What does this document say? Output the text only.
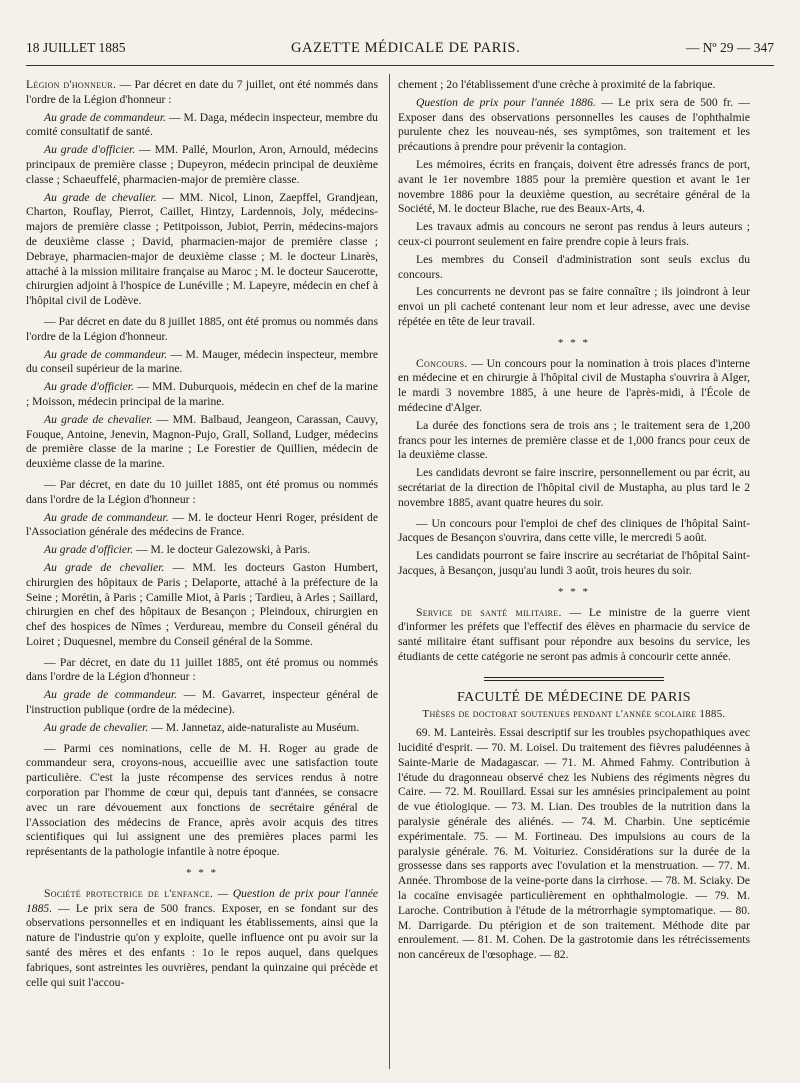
18 JUILLET 1885	GAZETTE MÉDICALE DE PARIS.	— Nº 29 — 347

Légion d'honneur. — Par décret en date du 7 juillet, ont été nommés dans l'ordre de la Légion d'honneur :

Au grade de commandeur. — M. Daga, médecin inspecteur, membre du comité consultatif de santé.

Au grade d'officier. — MM. Pallé, Mourlon, Aron, Arnould, médecins principaux de première classe ; Dupeyron, médecin principal de deuxième classe ; Schaeuffelé, pharmacien-major de première classe.

Au grade de chevalier. — MM. Nicol, Linon, Zaepffel, Grandjean, Charton, Rouflay, Pierrot, Caillet, Hintzy, Lardennois, Joly, médecins-majors de première classe ; Petitpoisson, Jubiot, Perrin, médecins-majors de deuxième classe ; David, pharmacien-major de première classe ; Debraye, pharmacien-major de deuxième classe ; M. le docteur Linarès, attaché à la mission militaire française au Maroc ; M. le docteur Saucerotte, chirurgien adjoint à l'hospice de Lunéville ; M. Lapeyre, médecin en chef à l'hôpital civil de Lodève.

— Par décret en date du 8 juillet 1885, ont été promus ou nommés dans l'ordre de la Légion d'honneur.

Au grade de commandeur. — M. Mauger, médecin inspecteur, membre du conseil supérieur de la marine.

Au grade d'officier. — MM. Duburquois, médecin en chef de la marine ; Moisson, médecin principal de la marine.

Au grade de chevalier. — MM. Balbaud, Jeangeon, Carassan, Cauvy, Fouque, Antoine, Jenevin, Magnon-Pujo, Grall, Solland, Ludger, médecins de première classe de la marine ; Le Forestier de Quillien, médecin de deuxième classe de la marine.

— Par décret, en date du 10 juillet 1885, ont été promus ou nommés dans l'ordre de la Légion d'honneur :

Au grade de commandeur. — M. le docteur Henri Roger, président de l'Association générale des médecins de France.

Au grade d'officier. — M. le docteur Galezowski, à Paris.

Au grade de chevalier. — MM. les docteurs Gaston Humbert, chirurgien des hôpitaux de Paris ; Delaporte, attaché à la préfecture de la Seine ; Morétin, à Paris ; Camille Miot, à Paris ; Tardieu, à Arles ; Saillard, chirurgien en chef des hôpitaux de Besançon ; Pleindoux, chirurgien en chef des hospices de Nîmes ; Verdureau, membre du Conseil général du Loiret ; Duquesnel, membre du Conseil général de la Somme.

— Par décret, en date du 11 juillet 1885, ont été promus ou nommés dans l'ordre de la Légion d'honneur :

Au grade de commandeur. — M. Gavarret, inspecteur général de l'instruction publique (ordre de la médecine).

Au grade de chevalier. — M. Jannetaz, aide-naturaliste au Muséum.

— Parmi ces nominations, celle de M. H. Roger au grade de commandeur sera, croyons-nous, accueillie avec une satisfaction toute particulière. C'est la juste récompense des services rendus à notre corporation par l'homme de cœur qui, depuis tant d'années, se consacre avec un rare dévouement aux fonctions de secrétaire général de l'Association des médecins de France, après avoir acquis des titres scientifiques qui lui assignent une des premières places parmi les représentants de la pathologie infantile à notre époque.

* * *

Société protectrice de l'enfance. — Question de prix pour l'année 1885. — Le prix sera de 500 francs. Exposer, en se fondant sur des observations personnelles et en indiquant les établissements, ainsi que la nature de l'industrie qu'on y exploite, quelle influence ont pu avoir sur la santé des mères et des enfants : 1o le repos auquel, dans quelques fabriques, sont astreintes les ouvrières, pendant la quinzaine qui précède et celle qui suit l'accou-

chement ; 2o l'établissement d'une crèche à proximité de la fabrique.

Question de prix pour l'année 1886. — Le prix sera de 500 fr. — Exposer dans des observations personnelles les causes de l'ophthalmie purulente chez les nouveau-nés, ses symptômes, son traitement et les précautions à prendre pour prévenir la contagion.

Les mémoires, écrits en français, doivent être adressés francs de port, avant le 1er novembre 1885 pour la première question et avant le 1er novembre 1886 pour la deuxième question, au secrétaire général de la Société, M. le docteur Blache, rue des Beaux-Arts, 4.

Les travaux admis au concours ne seront pas rendus à leurs auteurs ; ceux-ci pourront seulement en faire prendre copie à leurs frais.

Les membres du Conseil d'administration sont seuls exclus du concours.

Les concurrents ne devront pas se faire connaître ; ils joindront à leur envoi un pli cacheté contenant leur nom et leur adresse, avec une devise répétée en tête de leur travail.

* * *

Concours. — Un concours pour la nomination à trois places d'interne en médecine et en chirurgie à l'hôpital civil de Mustapha s'ouvrira à Alger, le mardi 3 novembre 1885, à une heure de l'après-midi, à l'École de médecine d'Alger.

La durée des fonctions sera de trois ans ; le traitement sera de 1,200 francs pour les internes de première classe et de 1,000 francs pour ceux de la deuxième classe.

Les candidats devront se faire inscrire, personnellement ou par écrit, au secrétariat de la direction de l'hôpital civil de Mustapha, au plus tard le 2 novembre 1885, avant quatre heures du soir.

— Un concours pour l'emploi de chef des cliniques de l'hôpital Saint-Jacques de Besançon s'ouvrira, dans cette ville, le mercredi 5 août.

Les candidats pourront se faire inscrire au secrétariat de l'hôpital Saint-Jacques, à Besançon, jusqu'au lundi 3 août, trois heures du soir.

* * *

Service de santé militaire. — Le ministre de la guerre vient d'informer les préfets que l'effectif des élèves en pharmacie du service de santé militaire étant suffisant pour répondre aux besoins du service, les étudiants de cette catégorie ne seront pas admis à concourir cette année.

FACULTÉ DE MÉDECINE DE PARIS
Thèses de doctorat soutenues pendant l'année scolaire 1885.

69. M. Lanteirès. Essai descriptif sur les troubles psychopathiques avec lucidité d'esprit. — 70. M. Loisel. Du traitement des fièvres paludéennes à Sainte-Marie de Madagascar. — 71. M. Ahmed Fahmy. Contribution à l'étude du dragonneau observé chez les Nubiens des régiments nègres du Caire. — 72. M. Rouillard. Essai sur les amnésies principalement au point de vue étiologique. — 73. M. Lian. Des troubles de la nutrition dans la paralysie générale des aliénés. — 74. M. Charbin. Une septicémie expérimentale. 75. — M. Fortineau. Des impulsions au cours de la paralysie générale. 76. M. Voituriez. Considérations sur la durée de la grossesse dans ses rapports avec l'ovulation et la menstruation. — 77. M. Année. Thrombose de la veine-porte dans la cirrhose. — 78. M. Sciaky. De la cocaïne envisagée particulièrement en ophthalmologie. — 79. M. Laroche. Contribution à l'étude de la métrorrhagie symptomatique. — 80. M. Darrigarde. Du ptérigion et de son traitement. Méthode dite par enroulement. — 81. M. Cohen. De la gastrotomie dans les rétrécissements non cancéreux de l'œsophage. — 82.
